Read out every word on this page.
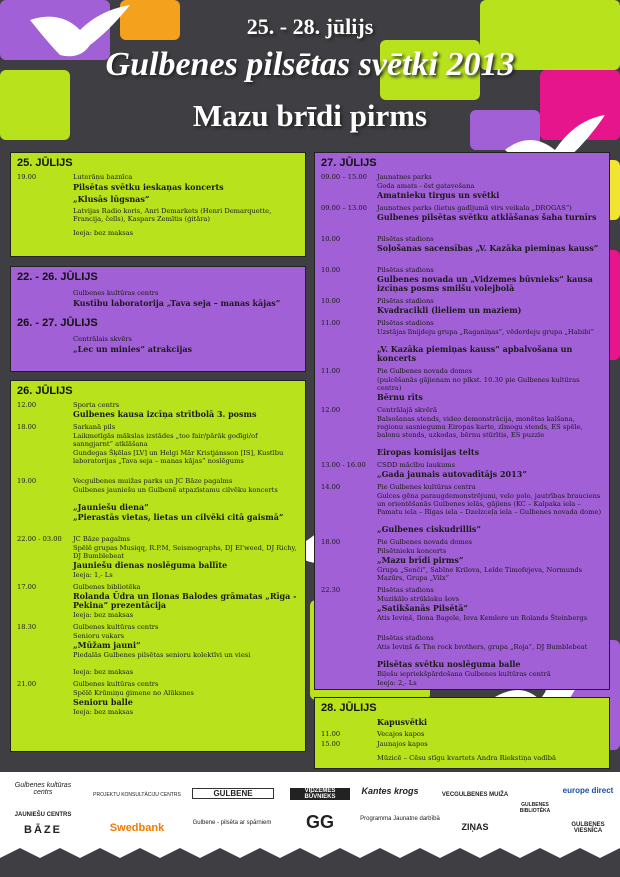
25. - 28. jūlijs
Gulbenes pilsētas svētki 2013
Mazu brīdi pirms
25. JŪLIJS
19.00	Luterāņu baznīca
Pilsētas svētku ieskaņas koncerts
„Klusās lūgsnas”
Latvijas Radio koris, Anri Demarkets (Henri Demarquette, Francija, čells), Kaspars Zemītis (ģitāra)
Ieeja: bez maksas
22. - 26. JŪLIJS
Gulbenes kultūras centrs
Kustību laboratorija „Tava seja – manas kājas”
26. - 27. JŪLIJS
Centrālais skvērs
„Lec un minies” atrakcijas
26. JŪLIJS
12.00	Sporta centrs
Gulbenes kausa izcīņa strītbolā 3. posms
18.00	Sarkanā pils
Laikmetīgās mākslas izstādes „too fair/pārāk godīgi/of sanngjarnt” atklāšana
Gundegas Šķēlas [LV] un Helgi Mār Kristjánsson [IS], Kustību laboratorijas „Tava seja – manas kājas” noslēgums
19.00	Vecgulbenes muižas parks un JC Bāze pagalms
Gulbenes jauniešu un Gulbenē atpazīstamu cilvēku koncerts
„Jauniešu diena”
„Pierastās vietas, lietas un cilvēki citā gaismā”
22.00 - 03.00 JC Bāze pagalms
Spēlē grupas Musiqq, R.P.M, Seismographs, DJ El'weed, DJ Richy, DJ Bumblebeat
Jauniešu dienas noslēguma ballīte
Ieeja: 1,- Ls
17.00	Gulbenes bibliotēka
Rolanda Ūdra un Ilonas Balodes grāmatas „Rīga - Pekina” prezentācija
Ieeja: bez maksas
18.30	Gulbenes kultūras centrs
Senioru vakars
„Mūžam jauni”
Piedalās Gulbenes pilsētas senioru kolektīvi un viesi
Ieeja: bez maksas
21.00	Gulbenes kultūras centrs
Spēlē Krūmiņu ģimene no Alūksnes
Senioru balle
Ieeja: bez maksas
27. JŪLIJS
09.00 – 15.00 Jaunatnes parks
Goda amats - ēst gatavošana
Amatnieku tirgus un svētki
09.00 – 13.00 Jaunatnes parks (lietus gadījumā virs veikala „DROGAS”)
Gulbenes pilsētas svētku atklāšanas šaha turnīrs
10.00	Pilsētas stadions
Soļošanas sacensības „V. Kazāka piemiņas kauss”
10.00	Pilsētas stadions
Gulbenes novada un „Vidzemes būvnieks” kausa izcīņas posms smilšu volejbolā
10.00	Pilsētas stadions
Kvadracikli (lieliem un maziem)
11.00	Pilsētas stadions
Uzstājas līnijdeju grupa „Raganiņas”, vēderdeju grupa „Habibi”
„V. Kazāka piemiņas kauss” apbalvošana un koncerts
11.00	Pie Gulbenes novada domes
(pulcēšanās gājienam no plkst. 10.30 pie Gulbenes kultūras centra)
Bērnu rīts
12.00	Centrālajā skvērā
Balsošanas stends, video demonstrācija, monētas kalšana, reģionu sasniegumu Eiropas karte, zīmogu stends, ES spēle, balonu stends, uzkodas, bērnu stūrītis, ES puzzle
Eiropas komisijas telts
13.00 - 16.00 CSDD mācību laukums
„Gada jaunais autovadītājs 2013”
14.00	Pie Gulbenes kultūras centra
Gulces gēna paraugdemonstrējumi, velo polo, jautrības brauciens un orientēšanās Gulbenes ielās, gājiens (KC – Kalpaka iela – Pamatu iela – Rīgas iela – Dzelzceļa iela – Gulbenes novada dome)
„Gulbenes ciskudrillis”
18.00	Pie Gulbenes novada domes
Pilsētnieku koncerts
„Mazu brīdi pirms”
Grupa „Senči”, Sabīne Krilova, Lelde Timofejeva, Normunds Mazūrs, Grupa „Vilx”
22.30	Pilsētas stadions
Muzikālo strūklaku šovs
„Satikšanās Pilsētā”
Atis Ieviņš, Ilona Bagele, Ieva Kemlere un Rolands Šteinbergs
Pilsētas stadions
Atis Ieviņš & The rock brothers, grupa „Roja”, DJ Bumblebeat
Pilsētas svētku noslēguma balle
Biļešu iepriekšpārdošana Gulbenes kultūras centrā
Ieeja: 2,- Ls
28. JŪLIJS
Kapusvētki
11.00	Vecajos kapos
15.00	Jaunajos kapos
Mūzicē – Cēsu stīgu kvartets Andra Riekstiņa vadībā
Gulbenes kultūras centrs
JAUNIEŠU CENTRS
BĀZE
PROJEKTU KONSULTĀCIJU CENTRS
Swedbank
GULBENE
Gulbene - pilsēta ar spārniem
VIDZEMES BŪVNIEKS
GG
Kantes krogs
Programma Jaunatne darbībā
VECGULBENES MUIŽA
ZIŅAS
GULBENES BIBLIOTĒKA
europe direct
GULBENES VIESNĪCA
